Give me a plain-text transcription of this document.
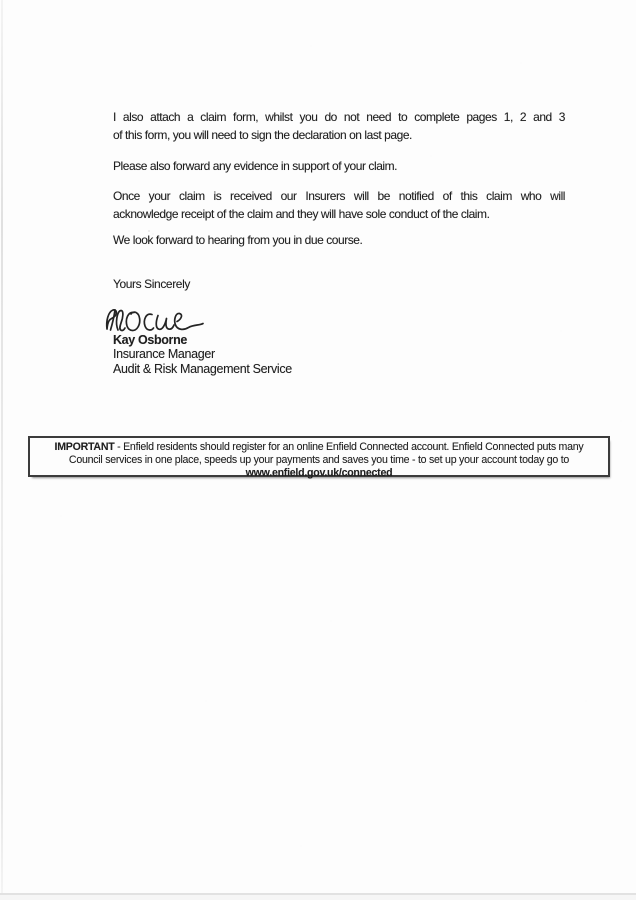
I also attach a claim form, whilst you do not need to complete pages 1, 2 and 3
of this form, you will need to sign the declaration on last page.
Please also forward any evidence in support of your claim.
Once your claim is received our Insurers will be notified of this claim who will
acknowledge receipt of the claim and they will have sole conduct of the claim.
We look forward to hearing from you in due course.
Yours Sincerely
Kay Osborne
Insurance Manager
Audit & Risk Management Service
IMPORTANT - Enfield residents should register for an online Enfield Connected account. Enfield Connected puts many
Council services in one place, speeds up your payments and saves you time - to set up your account today go to
www.enfield.gov.uk/connected
